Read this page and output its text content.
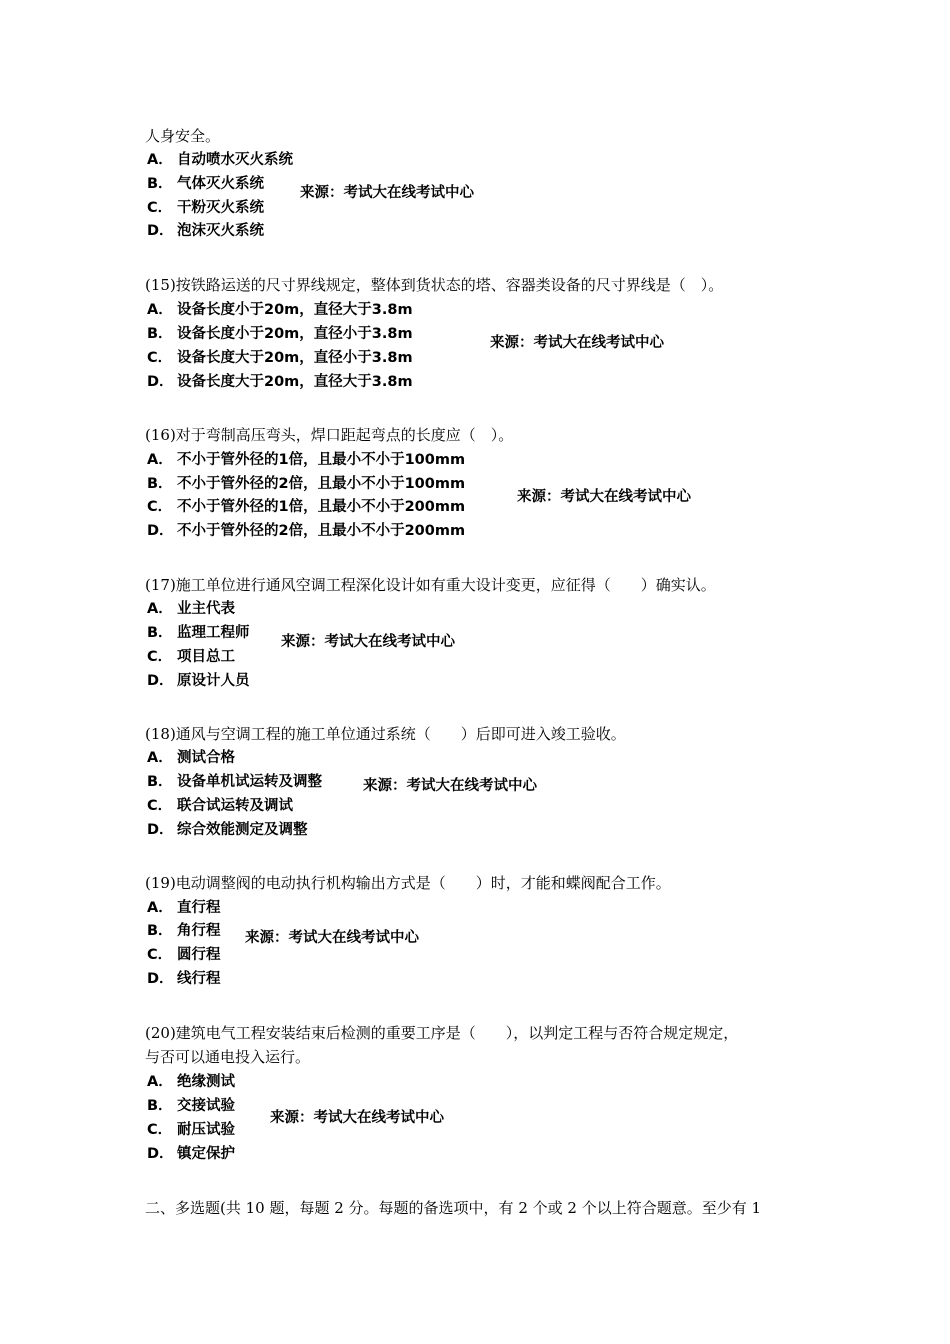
人身安全。
A． 自动喷水灭火系统
B． 气体灭火系统
C． 干粉灭火系统
D． 泡沫灭火系统
来源：考试大在线考试中心
(15)按铁路运送的尺寸界线规定，整体到货状态的塔、容器类设备的尺寸界线是（　）。
A． 设备长度小于20m，直径大于3.8m
B． 设备长度小于20m，直径小于3.8m
C． 设备长度大于20m，直径小于3.8m
D． 设备长度大于20m，直径大于3.8m
来源：考试大在线考试中心
(16)对于弯制高压弯头，焊口距起弯点的长度应（　）。
A． 不小于管外径的1倍，且最小不小于100mm
B． 不小于管外径的2倍，且最小不小于100mm
C． 不小于管外径的1倍，且最小不小于200mm
D． 不小于管外径的2倍，且最小不小于200mm
来源：考试大在线考试中心
(17)施工单位进行通风空调工程深化设计如有重大设计变更，应征得（　　）确实认。
A． 业主代表
B． 监理工程师
C． 项目总工
D． 原设计人员
来源：考试大在线考试中心
(18)通风与空调工程的施工单位通过系统（　　）后即可进入竣工验收。
A． 测试合格
B． 设备单机试运转及调整
C． 联合试运转及调试
D． 综合效能测定及调整
来源：考试大在线考试中心
(19)电动调整阀的电动执行机构输出方式是（　　）时，才能和蝶阀配合工作。
A． 直行程
B． 角行程
C． 圆行程
D． 线行程
来源：考试大在线考试中心
(20)建筑电气工程安装结束后检测的重要工序是（　　），以判定工程与否符合规定规定，
与否可以通电投入运行。
A． 绝缘测试
B． 交接试验
C． 耐压试验
D． 镇定保护
来源：考试大在线考试中心
二、多选题(共 10 题，每题 2 分。每题的备选项中，有 2 个或 2 个以上符合题意。至少有 1
